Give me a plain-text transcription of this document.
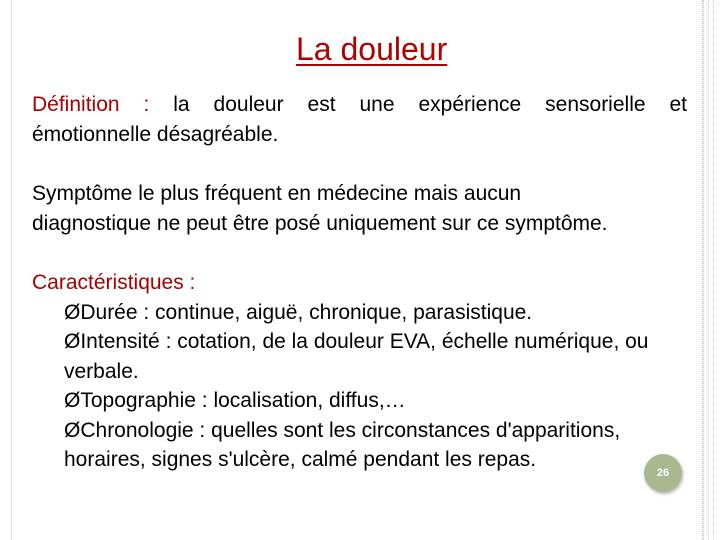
La douleur

Définition : la douleur est une expérience sensorielle et

émotionnelle désagréable.

Symptôme le plus fréquent en médecine mais aucun

diagnostique ne peut être posé uniquement sur ce symptôme.

Caractéristiques :

ØDurée : continue, aiguë, chronique, parasistique.

ØIntensité : cotation, de la douleur EVA, échelle numérique, ou verbale.

ØTopographie : localisation, diffus,…

ØChronologie : quelles sont les circonstances d'apparitions, horaires, signes s'ulcère, calmé pendant les repas.

26
